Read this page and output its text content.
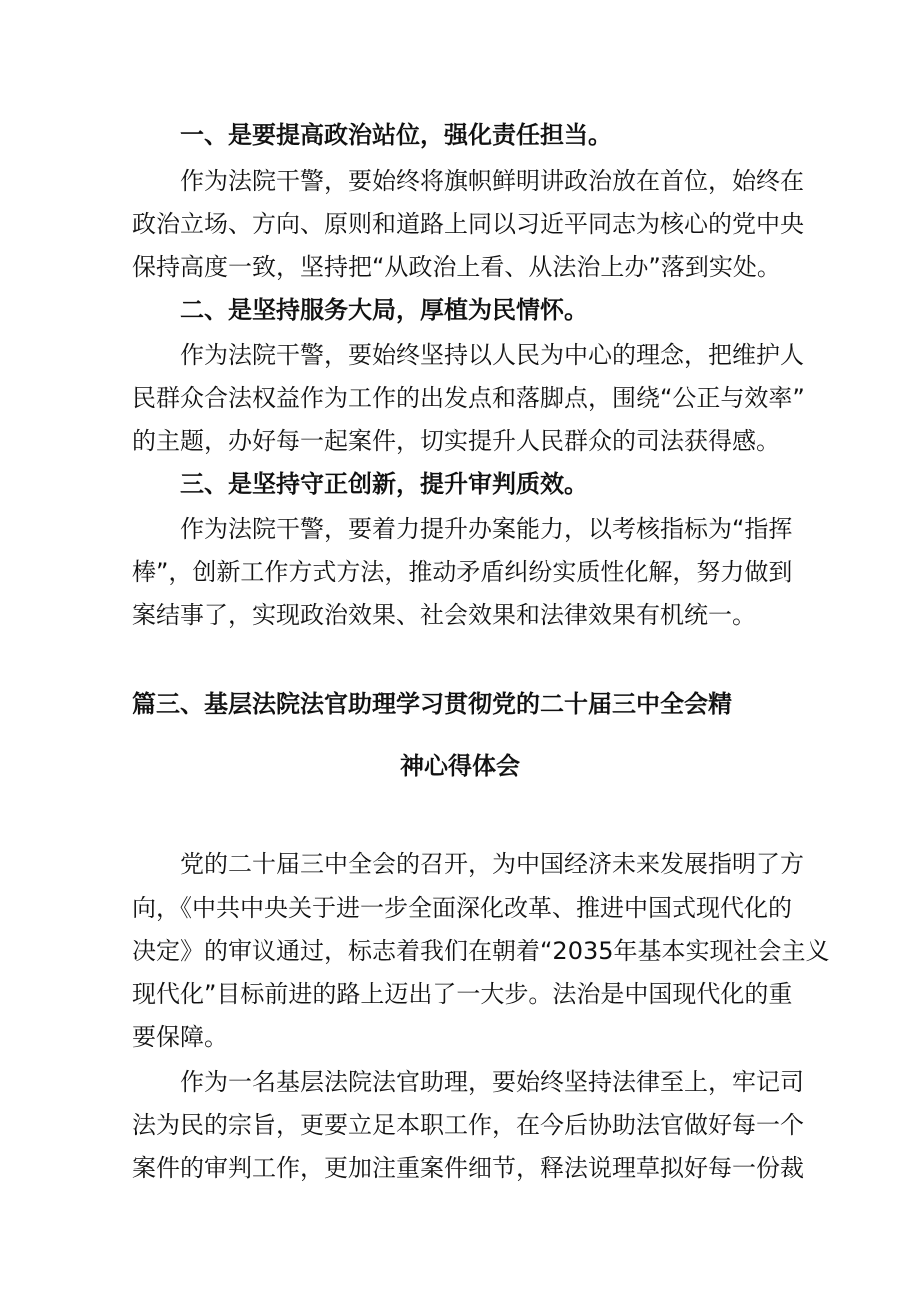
一、是要提高政治站位，强化责任担当。

作为法院干警，要始终将旗帜鲜明讲政治放在首位，始终在

政治立场、方向、原则和道路上同以习近平同志为核心的党中央

保持高度一致，坚持把“从政治上看、从法治上办”落到实处。

二、是坚持服务大局，厚植为民情怀。

作为法院干警，要始终坚持以人民为中心的理念，把维护人

民群众合法权益作为工作的出发点和落脚点，围绕“公正与效率”

的主题，办好每一起案件，切实提升人民群众的司法获得感。

三、是坚持守正创新，提升审判质效。

作为法院干警，要着力提升办案能力，以考核指标为“指挥

棒”，创新工作方式方法，推动矛盾纠纷实质性化解，努力做到

案结事了，实现政治效果、社会效果和法律效果有机统一。

篇三、基层法院法官助理学习贯彻党的二十届三中全会精

神心得体会

党的二十届三中全会的召开，为中国经济未来发展指明了方

向，《中共中央关于进一步全面深化改革、推进中国式现代化的

决定》的审议通过，标志着我们在朝着“2035年基本实现社会主义

现代化”目标前进的路上迈出了一大步。法治是中国现代化的重

要保障。

作为一名基层法院法官助理，要始终坚持法律至上，牢记司

法为民的宗旨，更要立足本职工作，在今后协助法官做好每一个

案件的审判工作，更加注重案件细节，释法说理草拟好每一份裁
